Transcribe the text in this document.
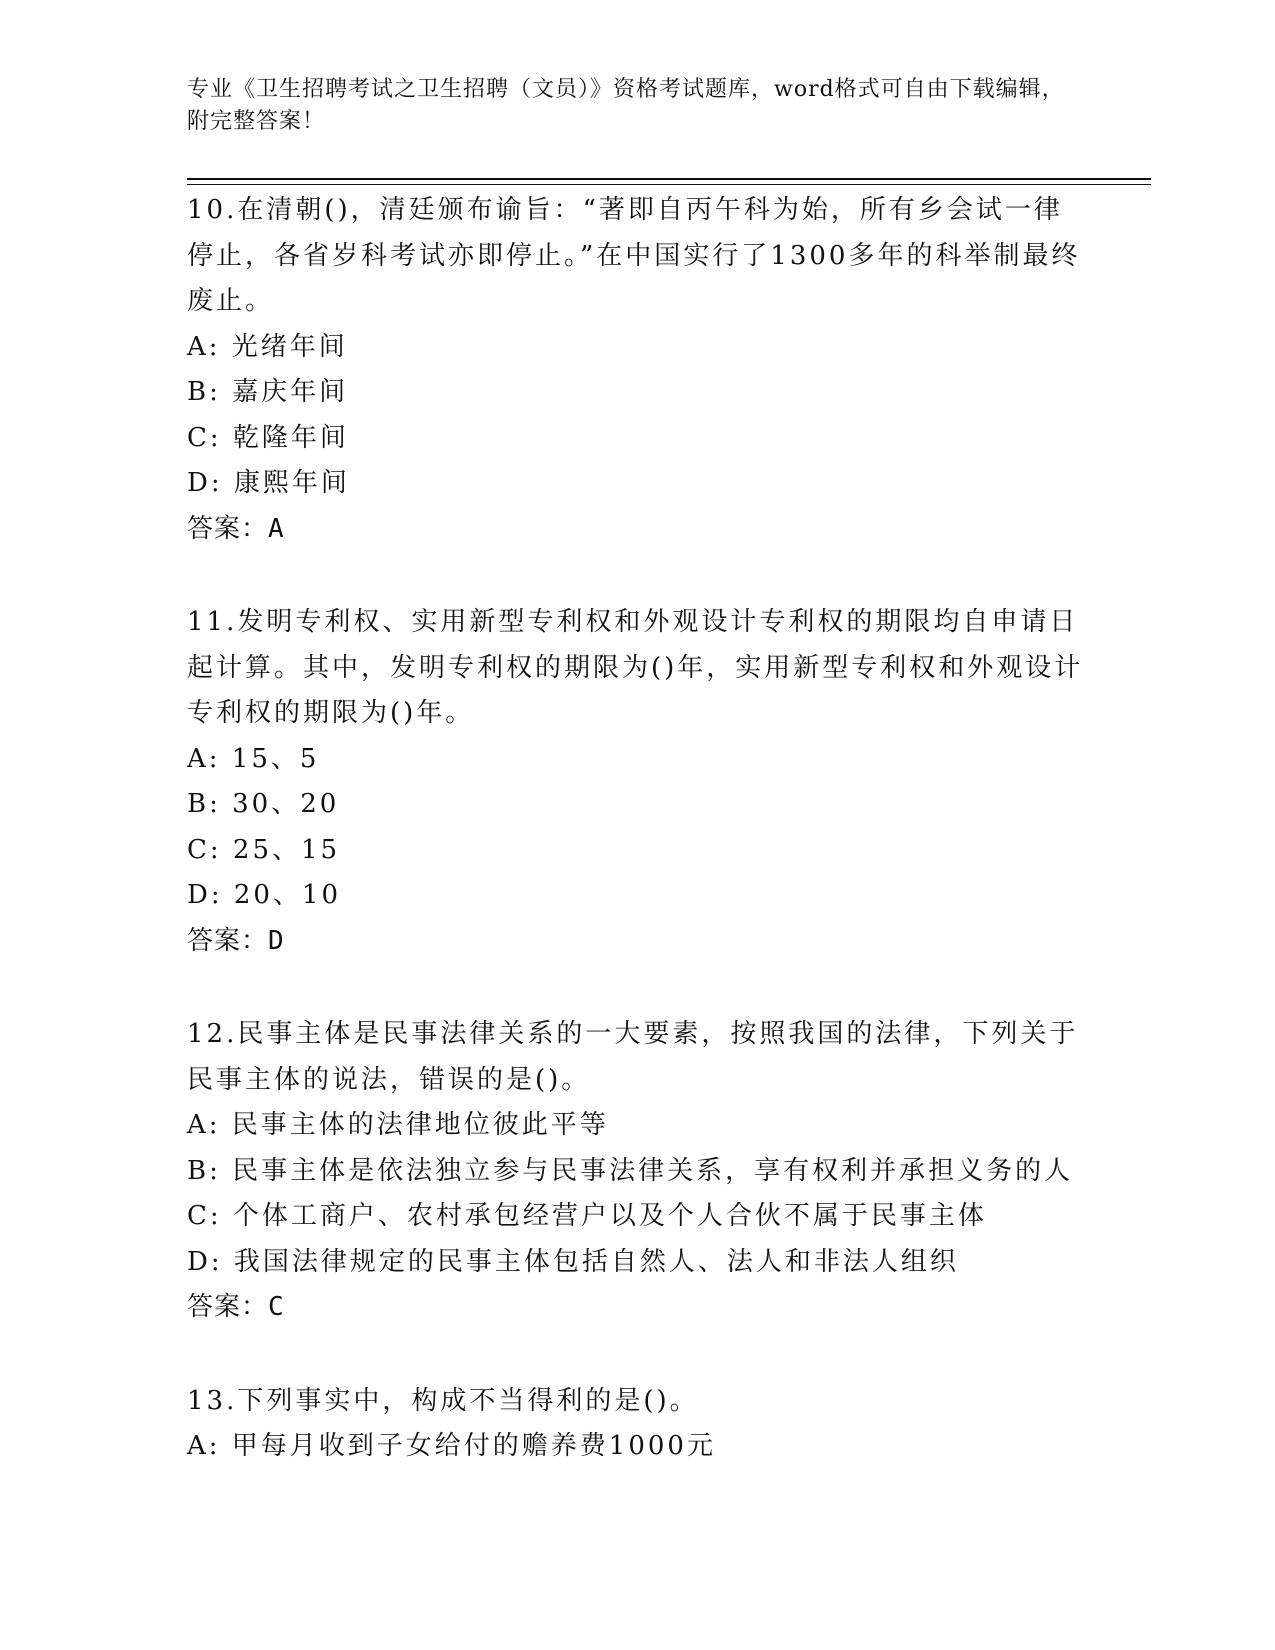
专业《卫生招聘考试之卫生招聘（文员）》资格考试题库，word格式可自由下载编辑，附完整答案！
10.在清朝()，清廷颁布谕旨：“著即自丙午科为始，所有乡会试一律停止，各省岁科考试亦即停止。”在中国实行了1300多年的科举制最终废止。
A: 光绪年间
B: 嘉庆年间
C: 乾隆年间
D: 康熙年间
答案：A
11.发明专利权、实用新型专利权和外观设计专利权的期限均自申请日起计算。其中，发明专利权的期限为()年，实用新型专利权和外观设计专利权的期限为()年。
A: 15、5
B: 30、20
C: 25、15
D: 20、10
答案：D
12.民事主体是民事法律关系的一大要素，按照我国的法律，下列关于民事主体的说法，错误的是()。
A: 民事主体的法律地位彼此平等
B: 民事主体是依法独立参与民事法律关系，享有权利并承担义务的人
C: 个体工商户、农村承包经营户以及个人合伙不属于民事主体
D: 我国法律规定的民事主体包括自然人、法人和非法人组织
答案：C
13.下列事实中，构成不当得利的是()。
A: 甲每月收到子女给付的赡养费1000元
